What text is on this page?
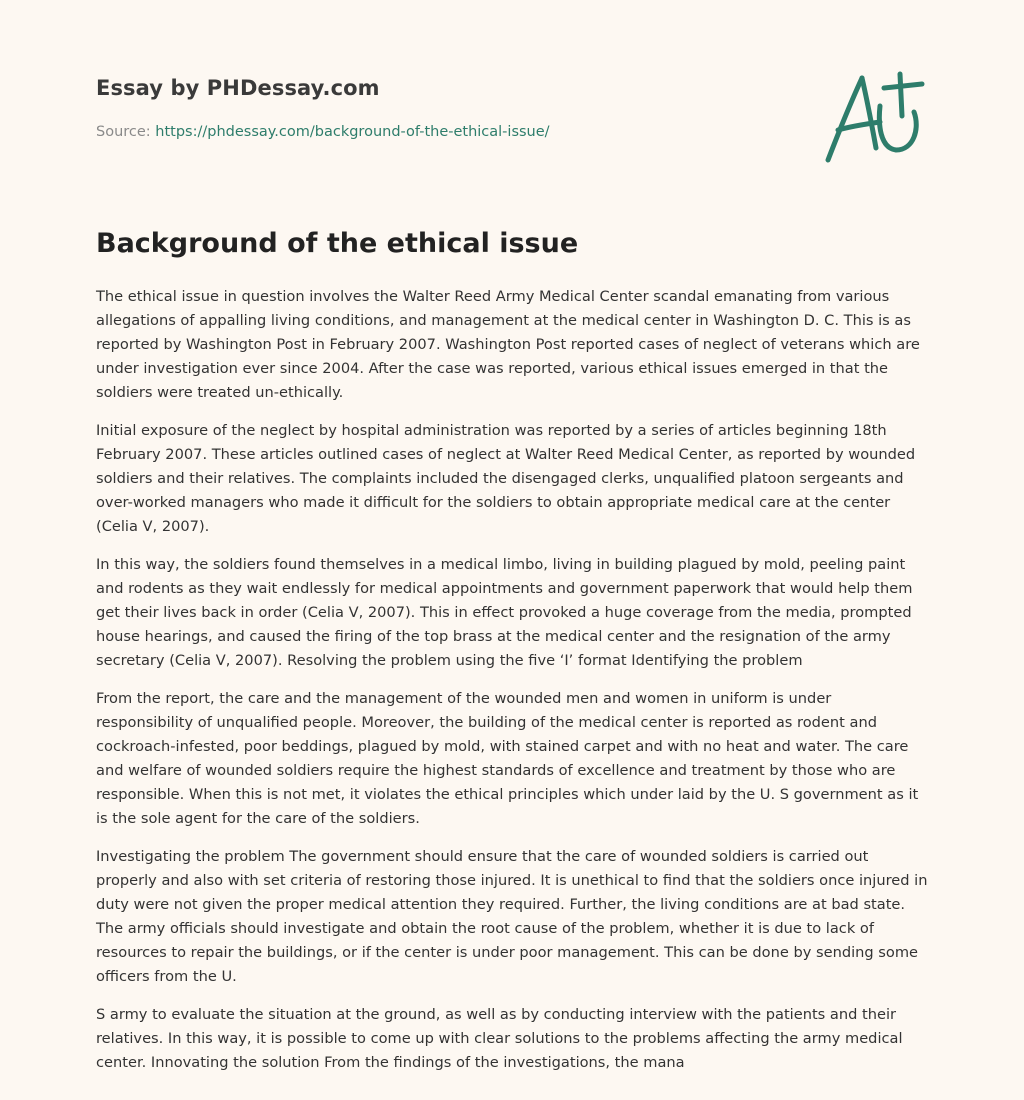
Essay by PHDessay.com
Source: https://phdessay.com/background-of-the-ethical-issue/
Background of the ethical issue

The ethical issue in question involves the Walter Reed Army Medical Center scandal emanating from various allegations of appalling living conditions, and management at the medical center in Washington D. C. This is as reported by Washington Post in February 2007. Washington Post reported cases of neglect of veterans which are under investigation ever since 2004. After the case was reported, various ethical issues emerged in that the soldiers were treated un-ethically.

Initial exposure of the neglect by hospital administration was reported by a series of articles beginning 18th February 2007. These articles outlined cases of neglect at Walter Reed Medical Center, as reported by wounded soldiers and their relatives. The complaints included the disengaged clerks, unqualified platoon sergeants and over-worked managers who made it difficult for the soldiers to obtain appropriate medical care at the center (Celia V, 2007).

In this way, the soldiers found themselves in a medical limbo, living in building plagued by mold, peeling paint and rodents as they wait endlessly for medical appointments and government paperwork that would help them get their lives back in order (Celia V, 2007). This in effect provoked a huge coverage from the media, prompted house hearings, and caused the firing of the top brass at the medical center and the resignation of the army secretary (Celia V, 2007). Resolving the problem using the five ‘I’ format Identifying the problem

From the report, the care and the management of the wounded men and women in uniform is under responsibility of unqualified people. Moreover, the building of the medical center is reported as rodent and cockroach-infested, poor beddings, plagued by mold, with stained carpet and with no heat and water. The care and welfare of wounded soldiers require the highest standards of excellence and treatment by those who are responsible. When this is not met, it violates the ethical principles which under laid by the U. S government as it is the sole agent for the care of the soldiers.

Investigating the problem The government should ensure that the care of wounded soldiers is carried out properly and also with set criteria of restoring those injured. It is unethical to find that the soldiers once injured in duty were not given the proper medical attention they required. Further, the living conditions are at bad state. The army officials should investigate and obtain the root cause of the problem, whether it is due to lack of resources to repair the buildings, or if the center is under poor management. This can be done by sending some officers from the U.

S army to evaluate the situation at the ground, as well as by conducting interview with the patients and their relatives. In this way, it is possible to come up with clear solutions to the problems affecting the army medical center. Innovating the solution From the findings of the investigations, the mana
